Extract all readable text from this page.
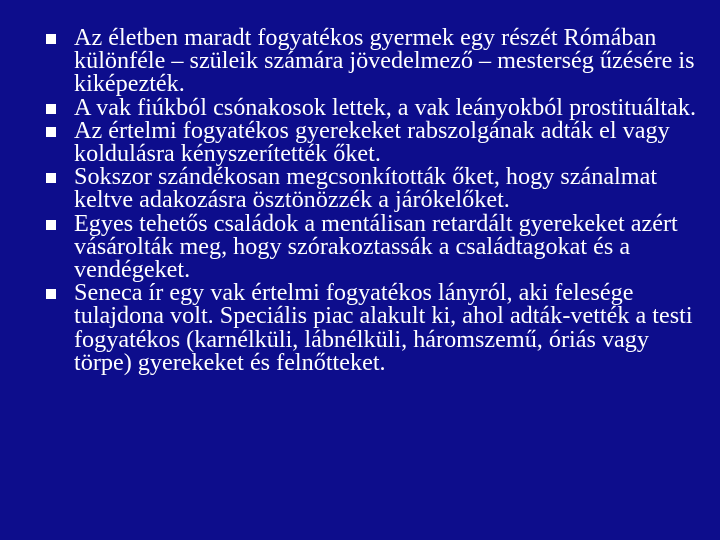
Az életben maradt fogyatékos gyermek egy részét Rómában különféle – szüleik számára jövedelmező – mesterség űzésére is kiképezték.
A vak fiúkból csónakosok lettek, a vak leányokból prostituáltak.
Az értelmi fogyatékos gyerekeket rabszolgának adták el vagy koldulásra kényszerítették őket.
Sokszor szándékosan megcsonkították őket, hogy szánalmat keltve adakozásra ösztönözzék a járókelőket.
Egyes tehetős családok a mentálisan retardált gyerekeket azért vásárolták meg, hogy szórakoztassák a családtagokat és a vendégeket.
Seneca ír egy vak értelmi fogyatékos lányról, aki felesége tulajdona volt. Speciális piac alakult ki, ahol adták-vették a testi fogyatékos (karnélküli, lábnélküli, háromszemű, óriás vagy törpe) gyerekeket és felnőtteket.
